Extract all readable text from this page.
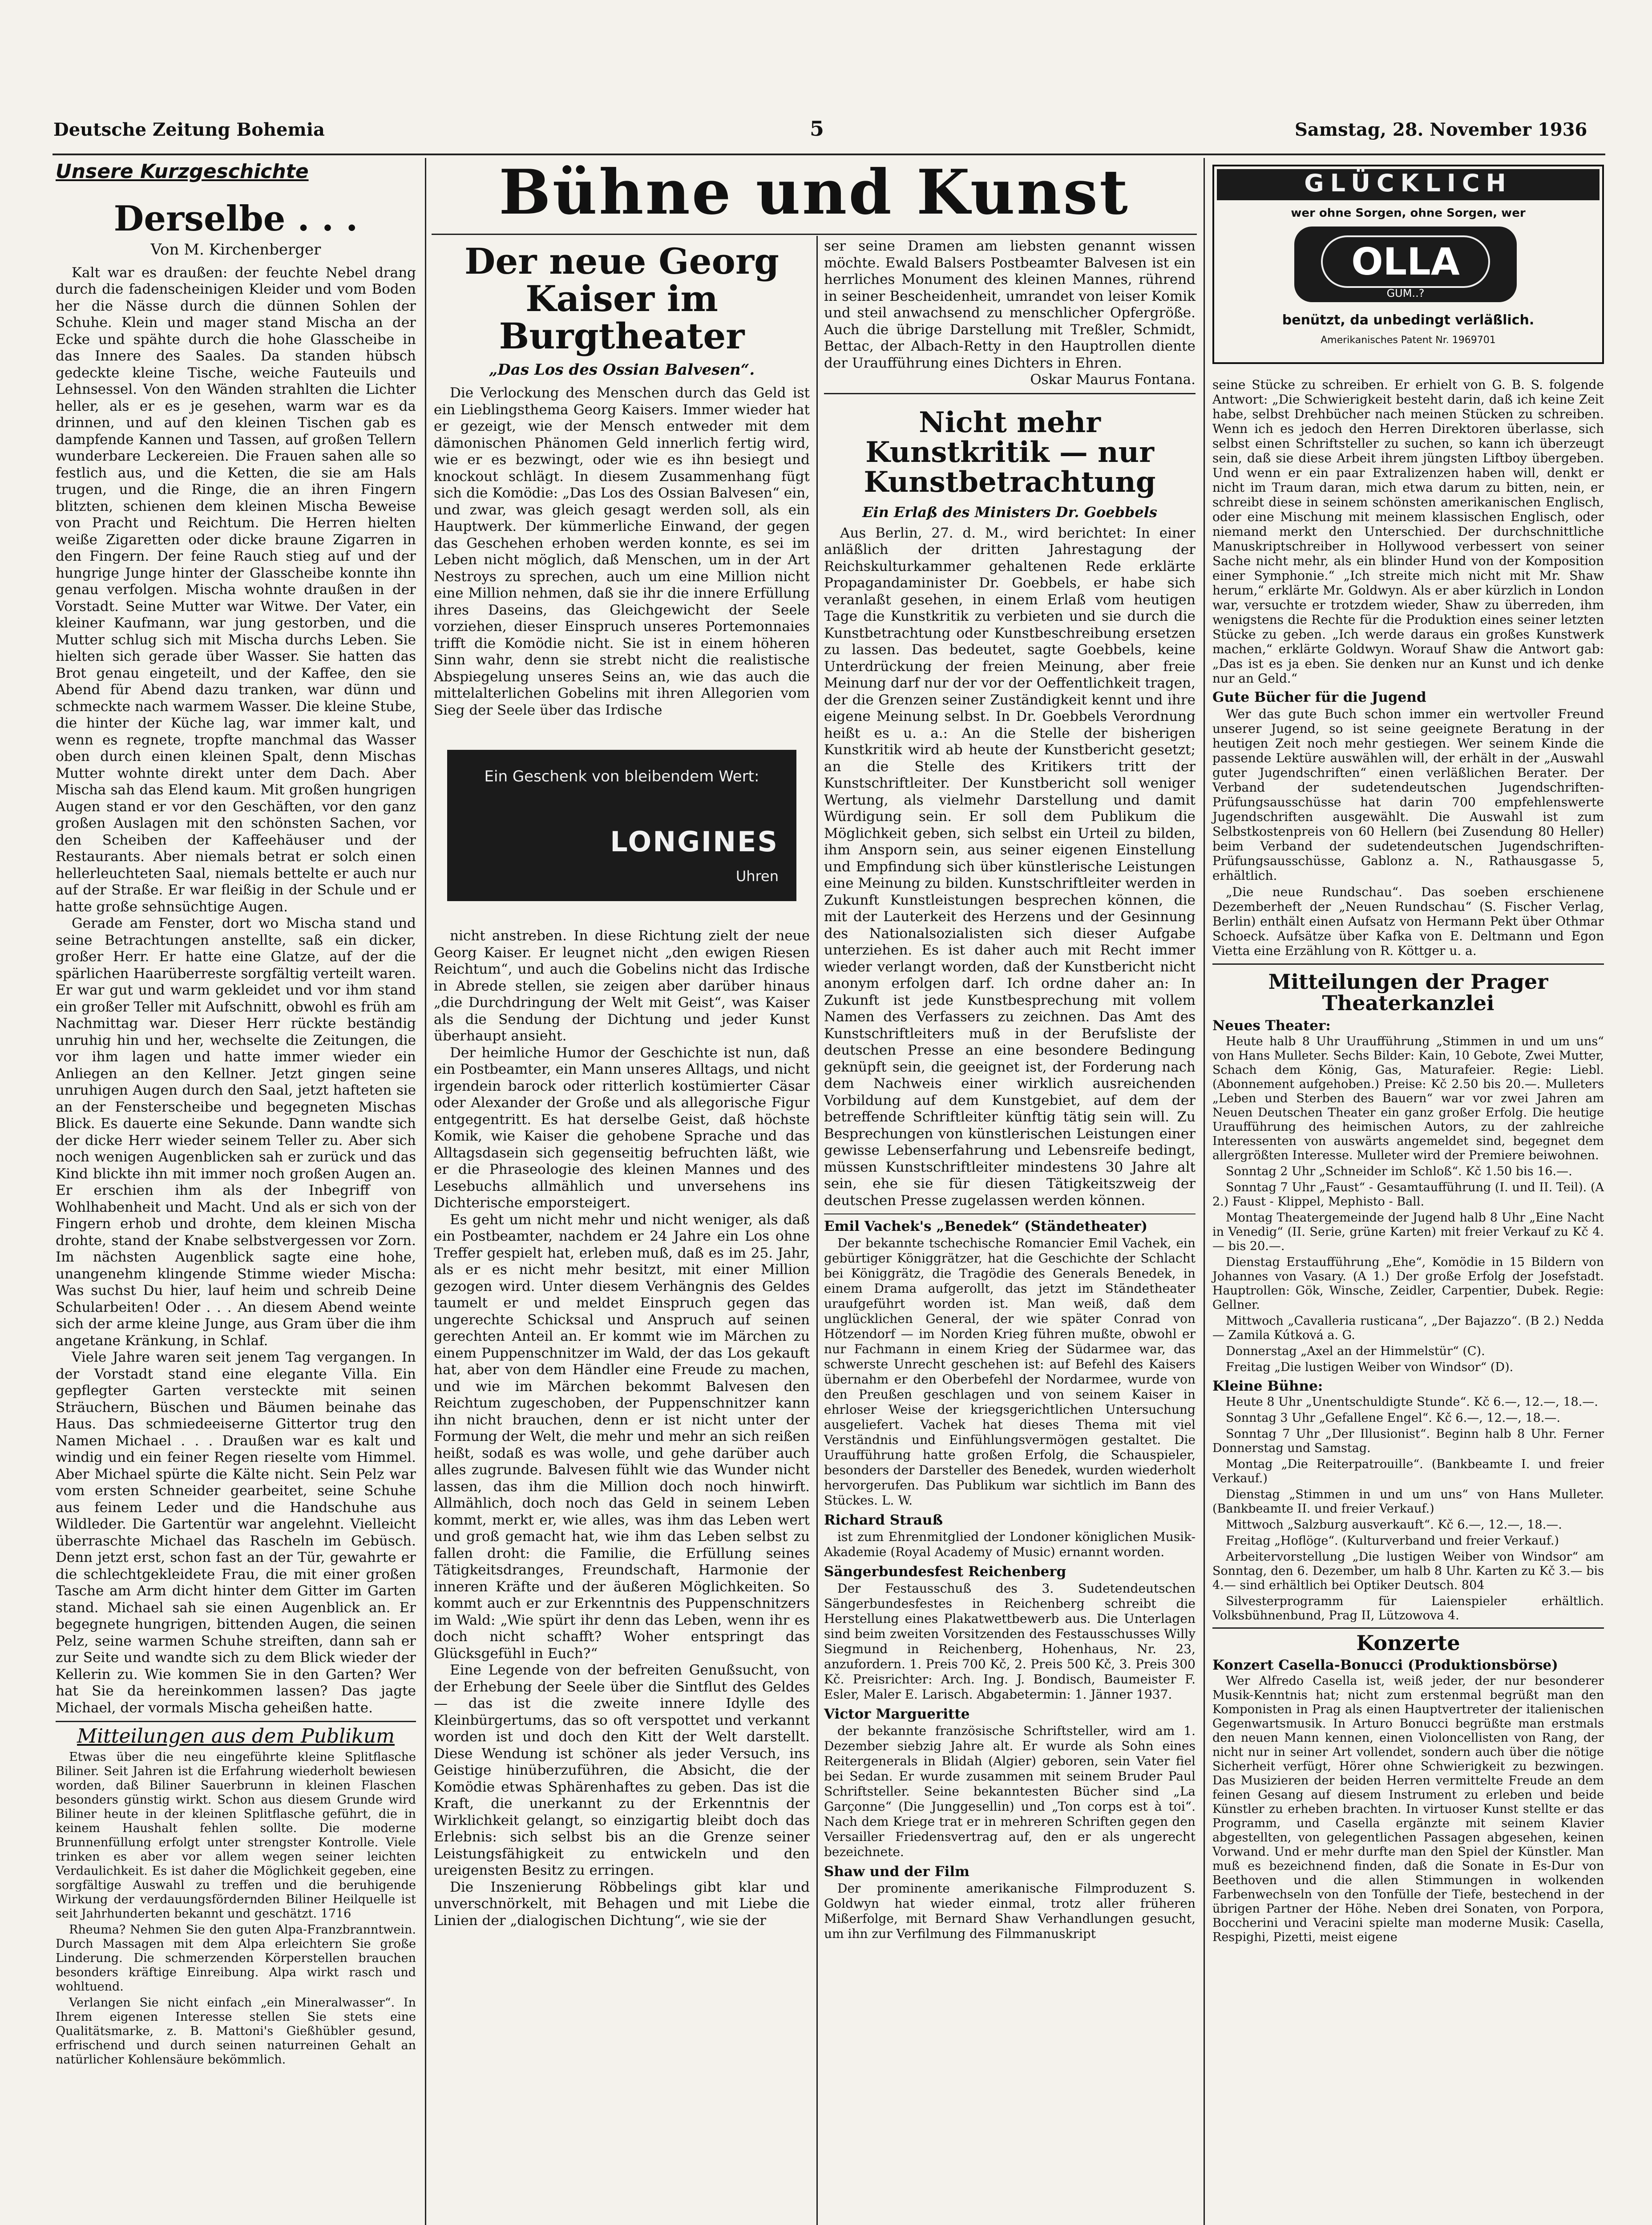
Deutsche Zeitung Bohemia	5	Samstag, 28. November 1936
Bühne und Kunst
Unsere Kurzgeschichte
Derselbe . . .
Von M. Kirchenberger

Kalt war es draußen: der feuchte Nebel drang durch die fadenscheinigen Kleider und vom Boden her die Nässe durch die dünnen Sohlen der Schuhe. Klein und mager stand Mischa an der Ecke und spähte durch die hohe Glasscheibe in das Innere des Saales. Da standen hübsch gedeckte kleine Tische, weiche Fauteuils und Lehnsessel. Von den Wänden strahlten die Lichter heller, als er es je gesehen, warm war es da drinnen, und auf den kleinen Tischen gab es dampfende Kannen und Tassen, auf großen Tellern wunderbare Leckereien. Die Frauen sahen alle so festlich aus, und die Ketten, die sie am Hals trugen, und die Ringe, die an ihren Fingern blitzten, schienen dem kleinen Mischa Beweise von Pracht und Reichtum. Die Herren hielten weiße Zigaretten oder dicke braune Zigarren in den Fingern. Der feine Rauch stieg auf und der hungrige Junge hinter der Glasscheibe konnte ihn genau verfolgen. Mischa wohnte draußen in der Vorstadt. Seine Mutter war Witwe. Der Vater, ein kleiner Kaufmann, war jung gestorben, und die Mutter schlug sich mit Mischa durchs Leben. Sie hielten sich gerade über Wasser. Sie hatten das Brot genau eingeteilt, und der Kaffee, den sie Abend für Abend dazu tranken, war dünn und schmeckte nach warmem Wasser. Die kleine Stube, die hinter der Küche lag, war immer kalt, und wenn es regnete, tropfte manchmal das Wasser oben durch einen kleinen Spalt, denn Mischas Mutter wohnte direkt unter dem Dach. Aber Mischa sah das Elend kaum. Mit großen hungrigen Augen stand er vor den Geschäften, vor den ganz großen Auslagen mit den schönsten Sachen, vor den Scheiben der Kaffeehäuser und der Restaurants. Aber niemals betrat er solch einen hellerleuchteten Saal, niemals bettelte er auch nur auf der Straße. Er war fleißig in der Schule und er hatte große sehnsüchtige Augen.

Gerade am Fenster, dort wo Mischa stand und seine Betrachtungen anstellte, saß ein dicker, großer Herr. Er hatte eine Glatze, auf der die spärlichen Haarüberreste sorgfältig verteilt waren. Er war gut und warm gekleidet und vor ihm stand ein großer Teller mit Aufschnitt, obwohl es früh am Nachmittag war. Dieser Herr rückte beständig unruhig hin und her, wechselte die Zeitungen, die vor ihm lagen und hatte immer wieder ein Anliegen an den Kellner. Jetzt gingen seine unruhigen Augen durch den Saal, jetzt hafteten sie an der Fensterscheibe und begegneten Mischas Blick. Es dauerte eine Sekunde. Dann wandte sich der dicke Herr wieder seinem Teller zu. Aber sich noch wenigen Augenblicken sah er zurück und das Kind blickte ihn mit immer noch großen Augen an. Er erschien ihm als der Inbegriff von Wohlhabenheit und Macht. Und als er sich von der Fingern erhob und drohte, dem kleinen Mischa drohte, stand der Knabe selbstvergessen vor Zorn. Im nächsten Augenblick sagte eine hohe, unangenehm klingende Stimme wieder Mischa: Was suchst Du hier, lauf heim und schreib Deine Schularbeiten! Oder . . . An diesem Abend weinte sich der arme kleine Junge, aus Gram über die ihm angetane Kränkung, in Schlaf.

Viele Jahre waren seit jenem Tag vergangen. In der Vorstadt stand eine elegante Villa. Ein gepflegter Garten versteckte mit seinen Sträuchern, Büschen und Bäumen beinahe das Haus. Das schmiedeeiserne Gittertor trug den Namen Michael . . . Draußen war es kalt und windig und ein feiner Regen rieselte vom Himmel. Aber Michael spürte die Kälte nicht. Sein Pelz war vom ersten Schneider gearbeitet, seine Schuhe aus feinem Leder und die Handschuhe aus Wildleder. Die Gartentür war angelehnt. Vielleicht überraschte Michael das Rascheln im Gebüsch. Denn jetzt erst, schon fast an der Tür, gewahrte er die schlechtgekleidete Frau, die mit einer großen Tasche am Arm dicht hinter dem Gitter im Garten stand. Michael sah sie einen Augenblick an. Er begegnete hungrigen, bittenden Augen, die seinen Pelz, seine warmen Schuhe streiften, dann sah er zur Seite und wandte sich zu dem Blick wieder der Kellerin zu. Wie kommen Sie in den Garten? Wer hat Sie da hereinkommen lassen? Das jagte Michael, der vormals Mischa geheißen hatte.

Mitteilungen aus dem Publikum

Etwas über die neu eingeführte kleine Splitflasche Biliner. Seit Jahren ist die Erfahrung wiederholt bewiesen worden, daß Biliner Sauerbrunn in kleinen Flaschen besonders günstig wirkt. Schon aus diesem Grunde wird Biliner heute in der kleinen Splitflasche geführt, die in keinem Haushalt fehlen sollte. Die moderne Brunnenfüllung erfolgt unter strengster Kontrolle. Viele trinken es aber vor allem wegen seiner leichten Verdaulichkeit. Es ist daher die Möglichkeit gegeben, eine sorgfältige Auswahl zu treffen und die beruhigende Wirkung der verdauungsfördernden Biliner Heilquelle ist seit Jahrhunderten bekannt und geschätzt. 1716

Rheuma? Nehmen Sie den guten Alpa-Franzbranntwein. Durch Massagen mit dem Alpa erleichtern Sie große Linderung. Die schmerzenden Körperstellen brauchen besonders kräftige Einreibung. Alpa wirkt rasch und wohltuend.

Verlangen Sie nicht einfach „ein Mineralwasser“. In Ihrem eigenen Interesse stellen Sie stets eine Qualitätsmarke, z. B. Mattoni's Gießhübler gesund, erfrischend und durch seinen naturreinen Gehalt an natürlicher Kohlensäure bekömmlich.

Der neue Georg Kaiser im Burgtheater
„Das Los des Ossian Balvesen“.

Die Verlockung des Menschen durch das Geld ist ein Lieblingsthema Georg Kaisers. Immer wieder hat er gezeigt, wie der Mensch entweder mit dem dämonischen Phänomen Geld innerlich fertig wird, wie er es bezwingt, oder wie es ihn besiegt und knockout schlägt. In diesem Zusammenhang fügt sich die Komödie: „Das Los des Ossian Balvesen“ ein, und zwar, was gleich gesagt werden soll, als ein Hauptwerk. Der kümmerliche Einwand, der gegen das Geschehen erhoben werden konnte, es sei im Leben nicht möglich, daß Menschen, um in der Art Nestroys zu sprechen, auch um eine Million nicht eine Million nehmen, daß sie ihr die innere Erfüllung ihres Daseins, das Gleichgewicht der Seele vorziehen, dieser Einspruch unseres Portemonnaies trifft die Komödie nicht. Sie ist in einem höheren Sinn wahr, denn sie strebt nicht die realistische Abspiegelung unseres Seins an, wie das auch die mittelalterlichen Gobelins mit ihren Allegorien vom Sieg der Seele über das Irdische

Ein Geschenk von bleibendem Wert:
LONGINES
Uhren

nicht anstreben. In diese Richtung zielt der neue Georg Kaiser. Er leugnet nicht „den ewigen Riesen Reichtum“, und auch die Gobelins nicht das Irdische in Abrede stellen, sie zeigen aber darüber hinaus „die Durchdringung der Welt mit Geist“, was Kaiser als die Sendung der Dichtung und jeder Kunst überhaupt ansieht.

Der heimliche Humor der Geschichte ist nun, daß ein Postbeamter, ein Mann unseres Alltags, und nicht irgendein barock oder ritterlich kostümierter Cäsar oder Alexander der Große und als allegorische Figur entgegentritt. Es hat derselbe Geist, daß höchste Komik, wie Kaiser die gehobene Sprache und das Alltagsdasein sich gegenseitig befruchten läßt, wie er die Phraseologie des kleinen Mannes und des Lesebuchs allmählich und unversehens ins Dichterische emporsteigert.

Es geht um nicht mehr und nicht weniger, als daß ein Postbeamter, nachdem er 24 Jahre ein Los ohne Treffer gespielt hat, erleben muß, daß es im 25. Jahr, als er es nicht mehr besitzt, mit einer Million gezogen wird. Unter diesem Verhängnis des Geldes taumelt er und meldet Einspruch gegen das ungerechte Schicksal und Anspruch auf seinen gerechten Anteil an. Er kommt wie im Märchen zu einem Puppenschnitzer im Wald, der das Los gekauft hat, aber von dem Händler eine Freude zu machen, und wie im Märchen bekommt Balvesen den Reichtum zugeschoben, der Puppenschnitzer kann ihn nicht brauchen, denn er ist nicht unter der Formung der Welt, die mehr und mehr an sich reißen heißt, sodaß es was wolle, und gehe darüber auch alles zugrunde. Balvesen fühlt wie das Wunder nicht lassen, das ihm die Million doch noch hinwirft. Allmählich, doch noch das Geld in seinem Leben kommt, merkt er, wie alles, was ihm das Leben wert und groß gemacht hat, wie ihm das Leben selbst zu fallen droht: die Familie, die Erfüllung seines Tätigkeitsdranges, Freundschaft, Harmonie der inneren Kräfte und der äußeren Möglichkeiten. So kommt auch er zur Erkenntnis des Puppenschnitzers im Wald: „Wie spürt ihr denn das Leben, wenn ihr es doch nicht schafft? Woher entspringt das Glücksgefühl in Euch?“

Eine Legende von der befreiten Genußsucht, von der Erhebung der Seele über die Sintflut des Geldes — das ist die zweite innere Idylle des Kleinbürgertums, das so oft verspottet und verkannt worden ist und doch den Kitt der Welt darstellt. Diese Wendung ist schöner als jeder Versuch, ins Geistige hinüberzuführen, die Absicht, die der Komödie etwas Sphärenhaftes zu geben. Das ist die Kraft, die unerkannt zu der Erkenntnis der Wirklichkeit gelangt, so einzigartig bleibt doch das Erlebnis: sich selbst bis an die Grenze seiner Leistungsfähigkeit zu entwickeln und den ureigensten Besitz zu erringen.

Die Inszenierung Röbbelings gibt klar und unverschnörkelt, mit Behagen und mit Liebe die Linien der „dialogischen Dichtung“, wie sie der

ser seine Dramen am liebsten genannt wissen möchte. Ewald Balsers Postbeamter Balvesen ist ein herrliches Monument des kleinen Mannes, rührend in seiner Bescheidenheit, umrandet von leiser Komik und steil anwachsend zu menschlicher Opfergröße. Auch die übrige Darstellung mit Treßler, Schmidt, Bettac, der Albach-Retty in den Hauptrollen diente der Uraufführung eines Dichters in Ehren.

Oskar Maurus Fontana.
Nicht mehr Kunstkritik — nur Kunstbetrachtung
Ein Erlaß des Ministers Dr. Goebbels

Aus Berlin, 27. d. M., wird berichtet: In einer anläßlich der dritten Jahrestagung der Reichskulturkammer gehaltenen Rede erklärte Propagandaminister Dr. Goebbels, er habe sich veranlaßt gesehen, in einem Erlaß vom heutigen Tage die Kunstkritik zu verbieten und sie durch die Kunstbetrachtung oder Kunstbeschreibung ersetzen zu lassen. Das bedeutet, sagte Goebbels, keine Unterdrückung der freien Meinung, aber freie Meinung darf nur der vor der Oeffentlichkeit tragen, der die Grenzen seiner Zuständigkeit kennt und ihre eigene Meinung selbst. In Dr. Goebbels Verordnung heißt es u. a.: An die Stelle der bisherigen Kunstkritik wird ab heute der Kunstbericht gesetzt; an die Stelle des Kritikers tritt der Kunstschriftleiter. Der Kunstbericht soll weniger Wertung, als vielmehr Darstellung und damit Würdigung sein. Er soll dem Publikum die Möglichkeit geben, sich selbst ein Urteil zu bilden, ihm Ansporn sein, aus seiner eigenen Einstellung und Empfindung sich über künstlerische Leistungen eine Meinung zu bilden. Kunstschriftleiter werden in Zukunft Kunstleistungen besprechen können, die mit der Lauterkeit des Herzens und der Gesinnung des Nationalsozialisten sich dieser Aufgabe unterziehen. Es ist daher auch mit Recht immer wieder verlangt worden, daß der Kunstbericht nicht anonym erfolgen darf. Ich ordne daher an: In Zukunft ist jede Kunstbesprechung mit vollem Namen des Verfassers zu zeichnen. Das Amt des Kunstschriftleiters muß in der Berufsliste der deutschen Presse an eine besondere Bedingung geknüpft sein, die geeignet ist, der Forderung nach dem Nachweis einer wirklich ausreichenden Vorbildung auf dem Kunstgebiet, auf dem der betreffende Schriftleiter künftig tätig sein will. Zu Besprechungen von künstlerischen Leistungen einer gewisse Lebenserfahrung und Lebensreife bedingt, müssen Kunstschriftleiter mindestens 30 Jahre alt sein, ehe sie für diesen Tätigkeitszweig der deutschen Presse zugelassen werden können.

Emil Vachek's „Benedek“ (Ständetheater)

Der bekannte tschechische Romancier Emil Vachek, ein gebürtiger Königgrätzer, hat die Geschichte der Schlacht bei Königgrätz, die Tragödie des Generals Benedek, in einem Drama aufgerollt, das jetzt im Ständetheater uraufgeführt worden ist. Man weiß, daß dem unglücklichen General, der wie später Conrad von Hötzendorf — im Norden Krieg führen mußte, obwohl er nur Fachmann in einem Krieg der Südarmee war, das schwerste Unrecht geschehen ist: auf Befehl des Kaisers übernahm er den Oberbefehl der Nordarmee, wurde von den Preußen geschlagen und von seinem Kaiser in ehrloser Weise der kriegsgerichtlichen Untersuchung ausgeliefert. Vachek hat dieses Thema mit viel Verständnis und Einfühlungsvermögen gestaltet. Die Uraufführung hatte großen Erfolg, die Schauspieler, besonders der Darsteller des Benedek, wurden wiederholt hervorgerufen. Das Publikum war sichtlich im Bann des Stückes. L. W.

Richard Strauß

ist zum Ehrenmitglied der Londoner königlichen Musik-Akademie (Royal Academy of Music) ernannt worden.

Sängerbundesfest Reichenberg

Der Festausschuß des 3. Sudetendeutschen Sängerbundesfestes in Reichenberg schreibt die Herstellung eines Plakatwettbewerb aus. Die Unterlagen sind beim zweiten Vorsitzenden des Festausschusses Willy Siegmund in Reichenberg, Hohenhaus, Nr. 23, anzufordern. 1. Preis 700 Kč, 2. Preis 500 Kč, 3. Preis 300 Kč. Preisrichter: Arch. Ing. J. Bondisch, Baumeister F. Esler, Maler E. Larisch. Abgabetermin: 1. Jänner 1937.

Victor Margueritte

der bekannte französische Schriftsteller, wird am 1. Dezember siebzig Jahre alt. Er wurde als Sohn eines Reitergenerals in Blidah (Algier) geboren, sein Vater fiel bei Sedan. Er wurde zusammen mit seinem Bruder Paul Schriftsteller. Seine bekanntesten Bücher sind „La Garçonne“ (Die Junggesellin) und „Ton corps est à toi“. Nach dem Kriege trat er in mehreren Schriften gegen den Versailler Friedensvertrag auf, den er als ungerecht bezeichnete.

Shaw und der Film

Der prominente amerikanische Filmproduzent S. Goldwyn hat wieder einmal, trotz aller früheren Mißerfolge, mit Bernard Shaw Verhandlungen gesucht, um ihn zur Verfilmung des Filmmanuskript

GLÜCKLICH
wer ohne Sorgen, ohne Sorgen, wer
OLLA
GUM..?
benützt, da unbedingt verläßlich.
Amerikanisches Patent Nr. 1969701

seine Stücke zu schreiben. Er erhielt von G. B. S. folgende Antwort: „Die Schwierigkeit besteht darin, daß ich keine Zeit habe, selbst Drehbücher nach meinen Stücken zu schreiben. Wenn ich es jedoch den Herren Direktoren überlasse, sich selbst einen Schriftsteller zu suchen, so kann ich überzeugt sein, daß sie diese Arbeit ihrem jüngsten Liftboy übergeben. Und wenn er ein paar Extralizenzen haben will, denkt er nicht im Traum daran, mich etwa darum zu bitten, nein, er schreibt diese in seinem schönsten amerikanischen Englisch, oder eine Mischung mit meinem klassischen Englisch, oder niemand merkt den Unterschied. Der durchschnittliche Manuskriptschreiber in Hollywood verbessert von seiner Sache nicht mehr, als ein blinder Hund von der Komposition einer Symphonie.“ „Ich streite mich nicht mit Mr. Shaw herum,“ erklärte Mr. Goldwyn. Als er aber kürzlich in London war, versuchte er trotzdem wieder, Shaw zu überreden, ihm wenigstens die Rechte für die Produktion eines seiner letzten Stücke zu geben. „Ich werde daraus ein großes Kunstwerk machen,“ erklärte Goldwyn. Worauf Shaw die Antwort gab: „Das ist es ja eben. Sie denken nur an Kunst und ich denke nur an Geld.“

Gute Bücher für die Jugend

Wer das gute Buch schon immer ein wertvoller Freund unserer Jugend, so ist seine geeignete Beratung in der heutigen Zeit noch mehr gestiegen. Wer seinem Kinde die passende Lektüre auswählen will, der erhält in der „Auswahl guter Jugendschriften“ einen verläßlichen Berater. Der Verband der sudetendeutschen Jugendschriften-Prüfungsausschüsse hat darin 700 empfehlenswerte Jugendschriften ausgewählt. Die Auswahl ist zum Selbstkostenpreis von 60 Hellern (bei Zusendung 80 Heller) beim Verband der sudetendeutschen Jugendschriften-Prüfungsausschüsse, Gablonz a. N., Rathausgasse 5, erhältlich.

„Die neue Rundschau“. Das soeben erschienene Dezemberheft der „Neuen Rundschau“ (S. Fischer Verlag, Berlin) enthält einen Aufsatz von Hermann Pekt über Othmar Schoeck. Aufsätze über Kafka von E. Deltmann und Egon Vietta eine Erzählung von R. Köttger u. a.

Mitteilungen der Prager Theaterkanzlei
Neues Theater:

Heute halb 8 Uhr Uraufführung „Stimmen in und um uns“ von Hans Mulleter. Sechs Bilder: Kain, 10 Gebote, Zwei Mutter, Schach dem König, Gas, Maturafeier. Regie: Liebl. (Abonnement aufgehoben.) Preise: Kč 2.50 bis 20.—. Mulleters „Leben und Sterben des Bauern“ war vor zwei Jahren am Neuen Deutschen Theater ein ganz großer Erfolg. Die heutige Uraufführung des heimischen Autors, zu der zahlreiche Interessenten von auswärts angemeldet sind, begegnet dem allergrößten Interesse. Mulleter wird der Premiere beiwohnen.

Sonntag 2 Uhr „Schneider im Schloß“. Kč 1.50 bis 16.—.

Sonntag 7 Uhr „Faust“ - Gesamtaufführung (I. und II. Teil). (A 2.) Faust - Klippel, Mephisto - Ball.

Montag Theatergemeinde der Jugend halb 8 Uhr „Eine Nacht in Venedig“ (II. Serie, grüne Karten) mit freier Verkauf zu Kč 4.— bis 20.—.

Dienstag Erstaufführung „Ehe“, Komödie in 15 Bildern von Johannes von Vasary. (A 1.) Der große Erfolg der Josefstadt. Hauptrollen: Gök, Winsche, Zeidler, Carpentier, Dubek. Regie: Gellner.

Mittwoch „Cavalleria rusticana“, „Der Bajazzo“. (B 2.) Nedda — Zamila Kútková a. G.

Donnerstag „Axel an der Himmelstür“ (C).

Freitag „Die lustigen Weiber von Windsor“ (D).

Kleine Bühne:

Heute 8 Uhr „Unentschuldigte Stunde“. Kč 6.—, 12.—, 18.—.

Sonntag 3 Uhr „Gefallene Engel“. Kč 6.—, 12.—, 18.—.

Sonntag 7 Uhr „Der Illusionist“. Beginn halb 8 Uhr. Ferner Donnerstag und Samstag.

Montag „Die Reiterpatrouille“. (Bankbeamte I. und freier Verkauf.)

Dienstag „Stimmen in und um uns“ von Hans Mulleter. (Bankbeamte II. und freier Verkauf.)

Mittwoch „Salzburg ausverkauft“. Kč 6.—, 12.—, 18.—.

Freitag „Hoflöge“. (Kulturverband und freier Verkauf.)

Arbeitervorstellung „Die lustigen Weiber von Windsor“ am Sonntag, den 6. Dezember, um halb 8 Uhr. Karten zu Kč 3.— bis 4.— sind erhältlich bei Optiker Deutsch. 804

Silvesterprogramm für Laienspieler erhältlich. Volksbühnenbund, Prag II, Lützowova 4.

Konzerte
Konzert Casella-Bonucci (Produktionsbörse)

Wer Alfredo Casella ist, weiß jeder, der nur besonderer Musik-Kenntnis hat; nicht zum erstenmal begrüßt man den Komponisten in Prag als einen Hauptvertreter der italienischen Gegenwartsmusik. In Arturo Bonucci begrüßte man erstmals den neuen Mann kennen, einen Violoncellisten von Rang, der nicht nur in seiner Art vollendet, sondern auch über die nötige Sicherheit verfügt, Hörer ohne Schwierigkeit zu bezwingen. Das Musizieren der beiden Herren vermittelte Freude an dem feinen Gesang auf diesem Instrument zu erleben und beide Künstler zu erheben brachten. In virtuoser Kunst stellte er das Programm, und Casella ergänzte mit seinem Klavier abgestellten, von gelegentlichen Passagen abgesehen, keinen Vorwand. Und er mehr durfte man den Spiel der Künstler. Man muß es bezeichnend finden, daß die Sonate in Es-Dur von Beethoven und die allen Stimmungen in wolkenden Farbenwechseln von den Tonfülle der Tiefe, bestechend in der übrigen Partner der Höhe. Neben drei Sonaten, von Porpora, Boccherini und Veracini spielte man moderne Musik: Casella, Respighi, Pizetti, meist eigene
